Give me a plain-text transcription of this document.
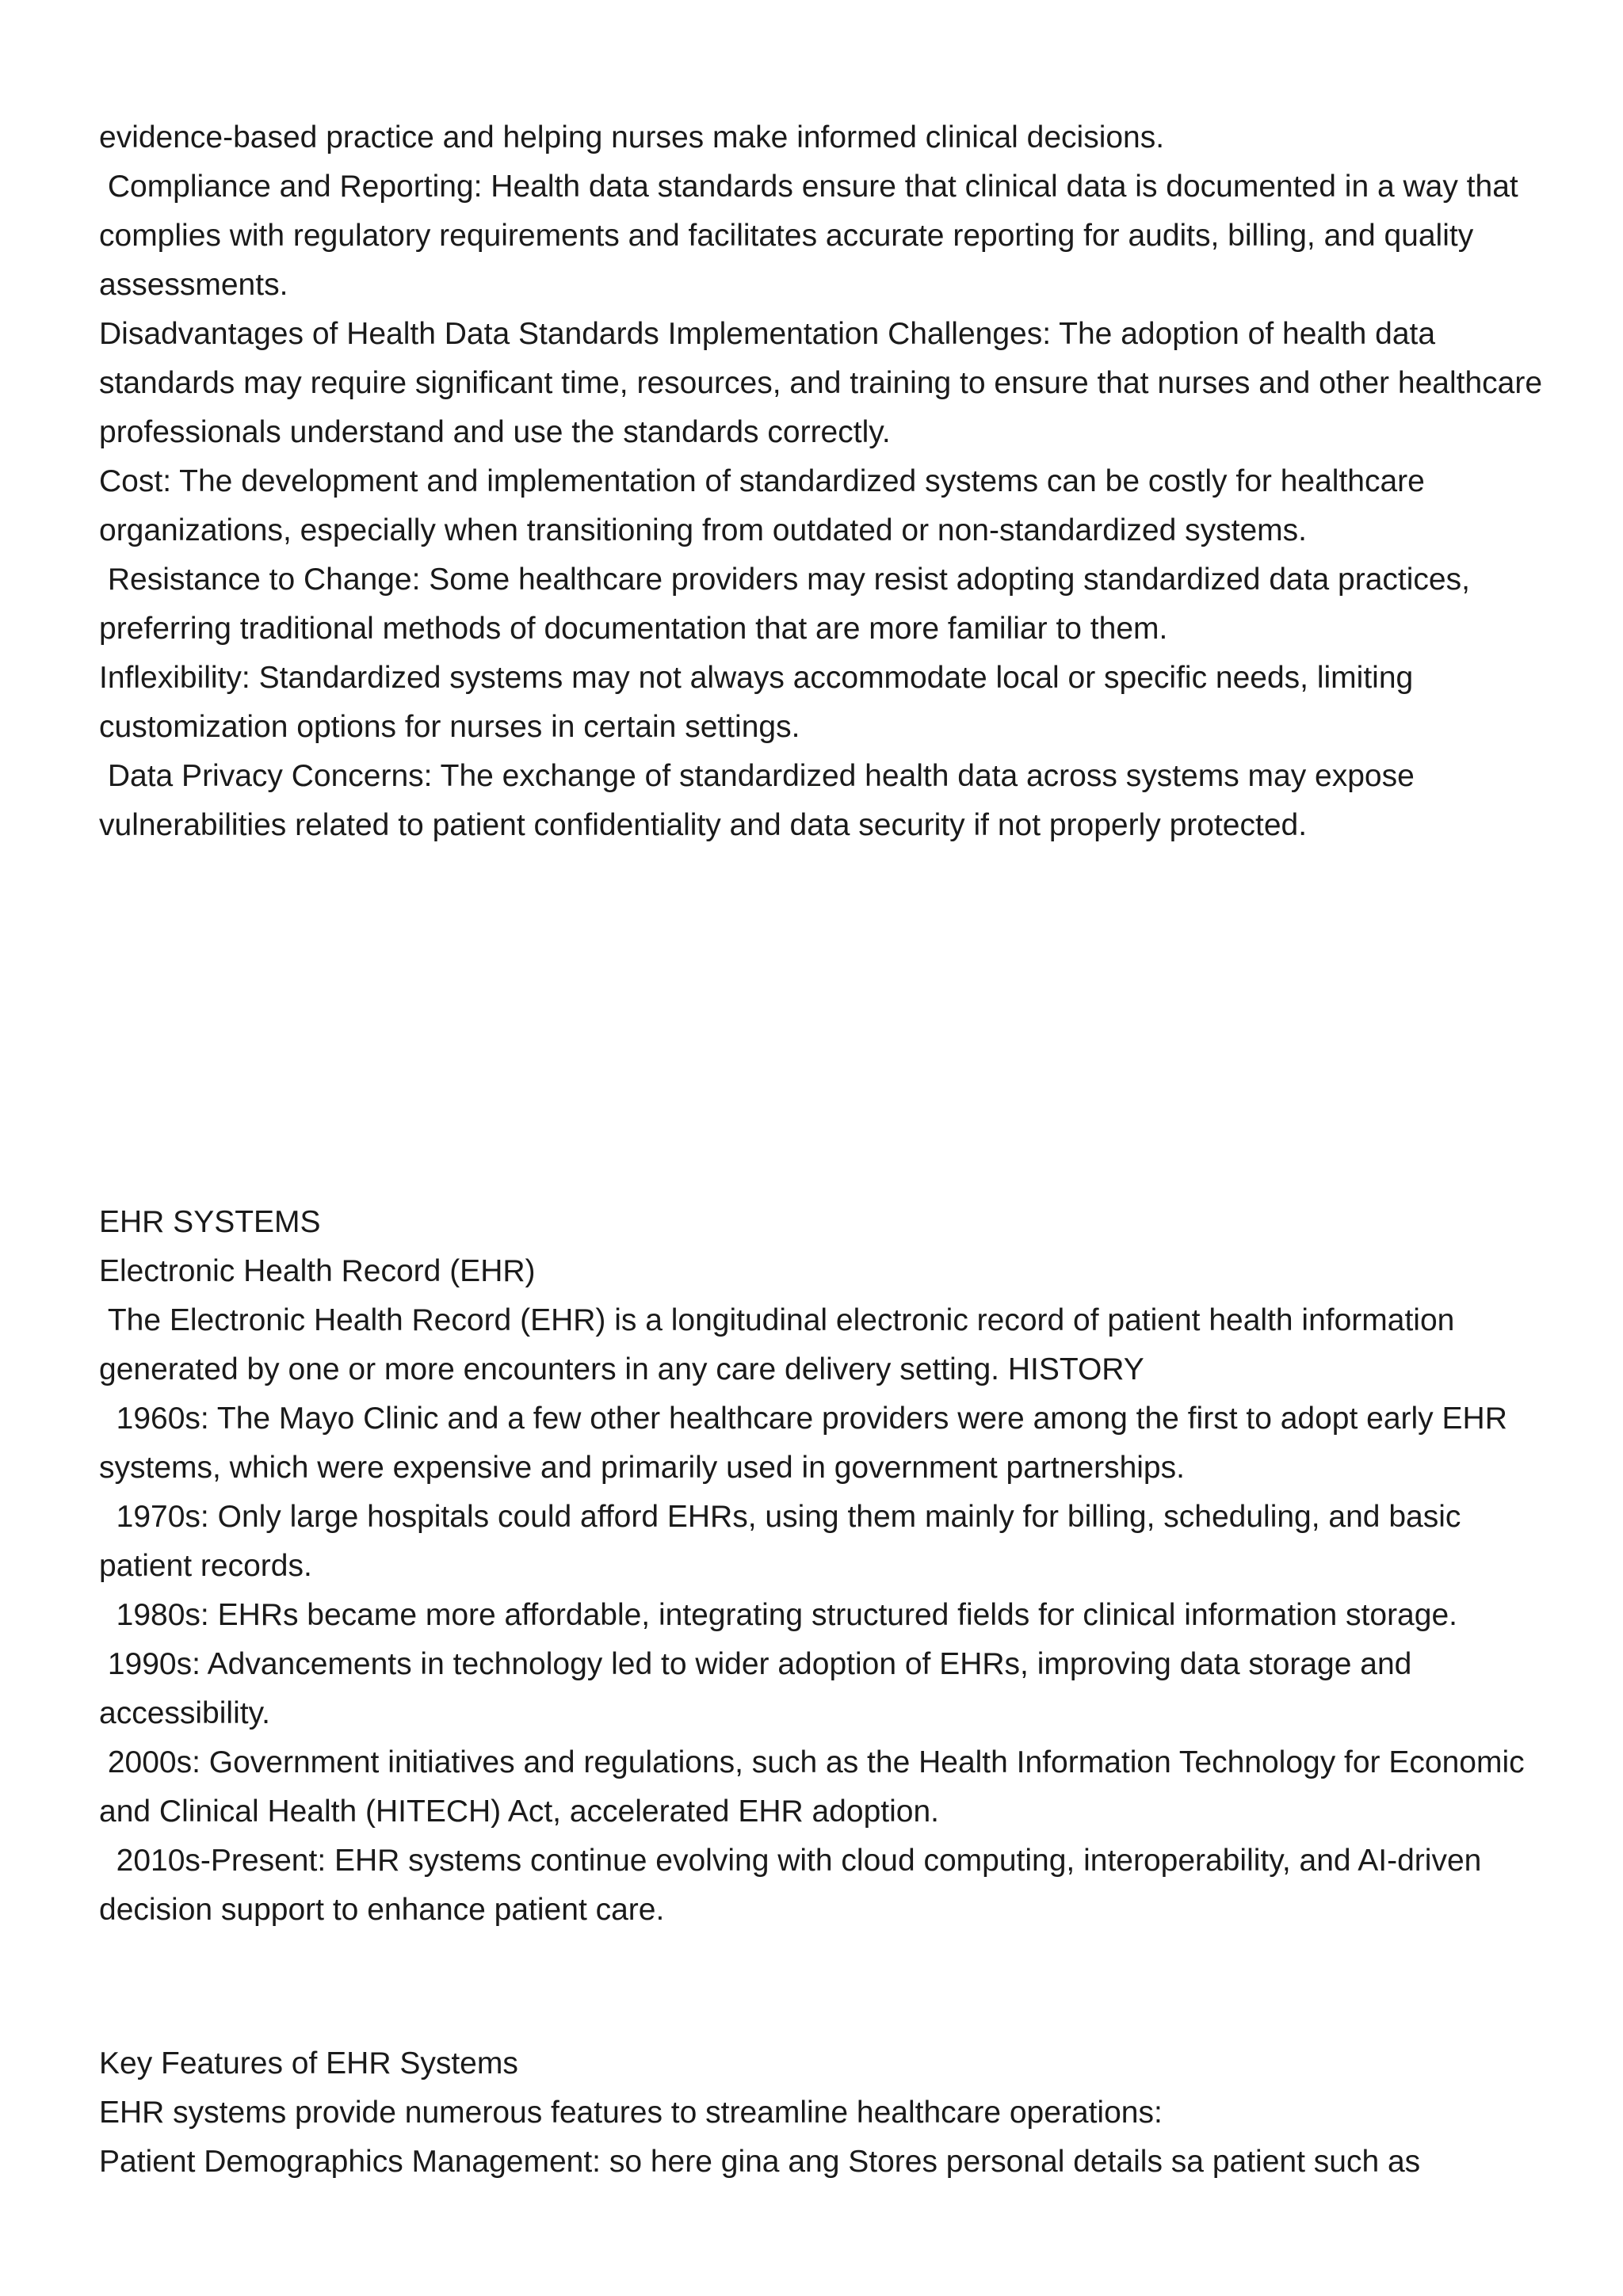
evidence-based practice and helping nurses make informed clinical decisions.

Compliance and Reporting: Health data standards ensure that clinical data is documented in a way that complies with regulatory requirements and facilitates accurate reporting for audits, billing, and quality assessments.

Disadvantages of Health Data Standards Implementation Challenges: The adoption of health data standards may require significant time, resources, and training to ensure that nurses and other healthcare professionals understand and use the standards correctly.

Cost: The development and implementation of standardized systems can be costly for healthcare organizations, especially when transitioning from outdated or non-standardized systems.

Resistance to Change: Some healthcare providers may resist adopting standardized data practices, preferring traditional methods of documentation that are more familiar to them.

Inflexibility: Standardized systems may not always accommodate local or specific needs, limiting customization options for nurses in certain settings.

Data Privacy Concerns: The exchange of standardized health data across systems may expose vulnerabilities related to patient confidentiality and data security if not properly protected.

EHR SYSTEMS

Electronic Health Record (EHR)

The Electronic Health Record (EHR) is a longitudinal electronic record of patient health information generated by one or more encounters in any care delivery setting. HISTORY

1960s: The Mayo Clinic and a few other healthcare providers were among the first to adopt early EHR systems, which were expensive and primarily used in government partnerships.

1970s: Only large hospitals could afford EHRs, using them mainly for billing, scheduling, and basic patient records.

1980s: EHRs became more affordable, integrating structured fields for clinical information storage.

1990s: Advancements in technology led to wider adoption of EHRs, improving data storage and accessibility.

2000s: Government initiatives and regulations, such as the Health Information Technology for Economic and Clinical Health (HITECH) Act, accelerated EHR adoption.

2010s-Present: EHR systems continue evolving with cloud computing, interoperability, and AI-driven decision support to enhance patient care.

Key Features of EHR Systems

EHR systems provide numerous features to streamline healthcare operations:

Patient Demographics Management: so here gina ang Stores personal details sa patient such as
